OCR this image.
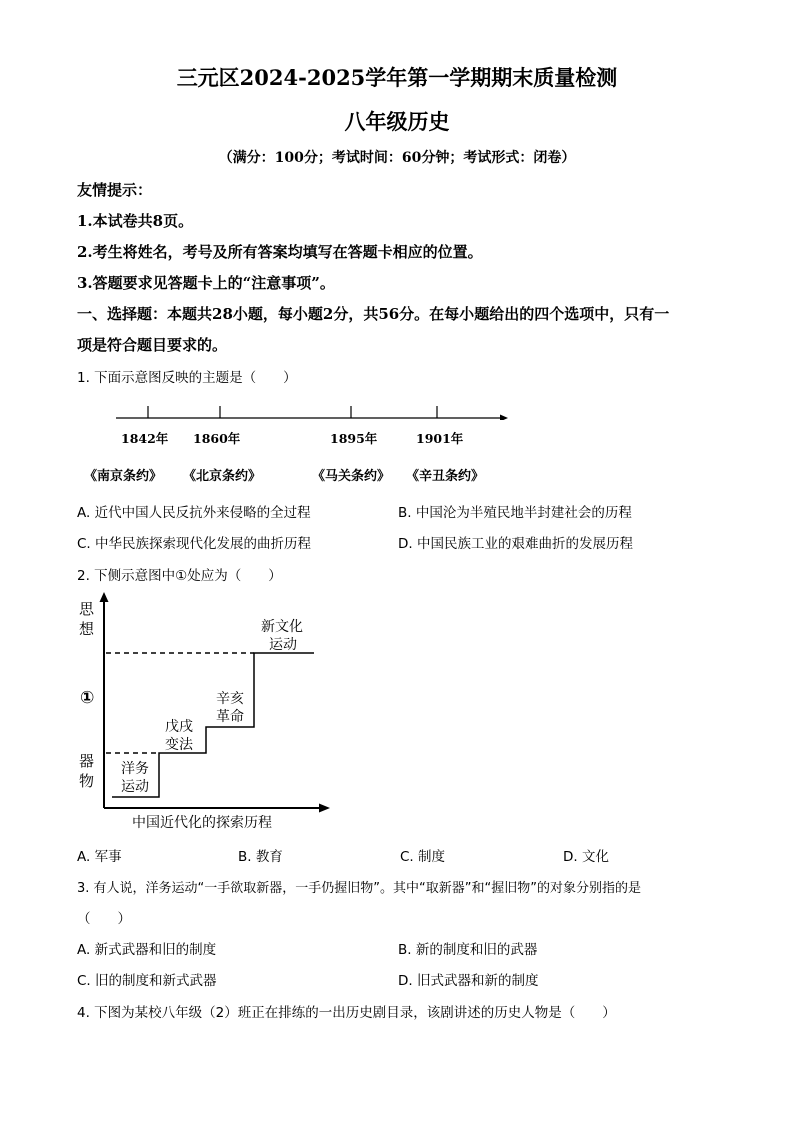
三元区2024-2025学年第一学期期末质量检测
八年级历史
（满分：100分；考试时间：60分钟；考试形式：闭卷）
友情提示：
1.本试卷共8页。
2.考生将姓名，考号及所有答案均填写在答题卡相应的位置。
3.答题要求见答题卡上的“注意事项”。
一、选择题：本题共28小题，每小题2分，共56分。在每小题给出的四个选项中，只有一
项是符合题目要求的。
1. 下面示意图反映的主题是（　　）
1842年 1860年	1895年	1901年
《南京条约》 《北京条约》	《马关条约》 《辛丑条约》
A. 近代中国人民反抗外来侵略的全过程	B. 中国沦为半殖民地半封建社会的历程
C. 中华民族探索现代化发展的曲折历程	D. 中国民族工业的艰难曲折的发展历程
2. 下侧示意图中①处应为（　　）
思
想
①
器
物
洋务
运动
戊戌
变法
辛亥
革命
新文化
运动
中国近代化的探索历程
A. 军事	B. 教育	C. 制度	D. 文化
3. 有人说，洋务运动“一手欲取新器，一手仍握旧物”。其中“取新器”和“握旧物”的对象分别指的是
（　　）
A. 新式武器和旧的制度	B. 新的制度和旧的武器
C. 旧的制度和新式武器	D. 旧式武器和新的制度
4. 下图为某校八年级（2）班正在排练的一出历史剧目录，该剧讲述的历史人物是（　　）
